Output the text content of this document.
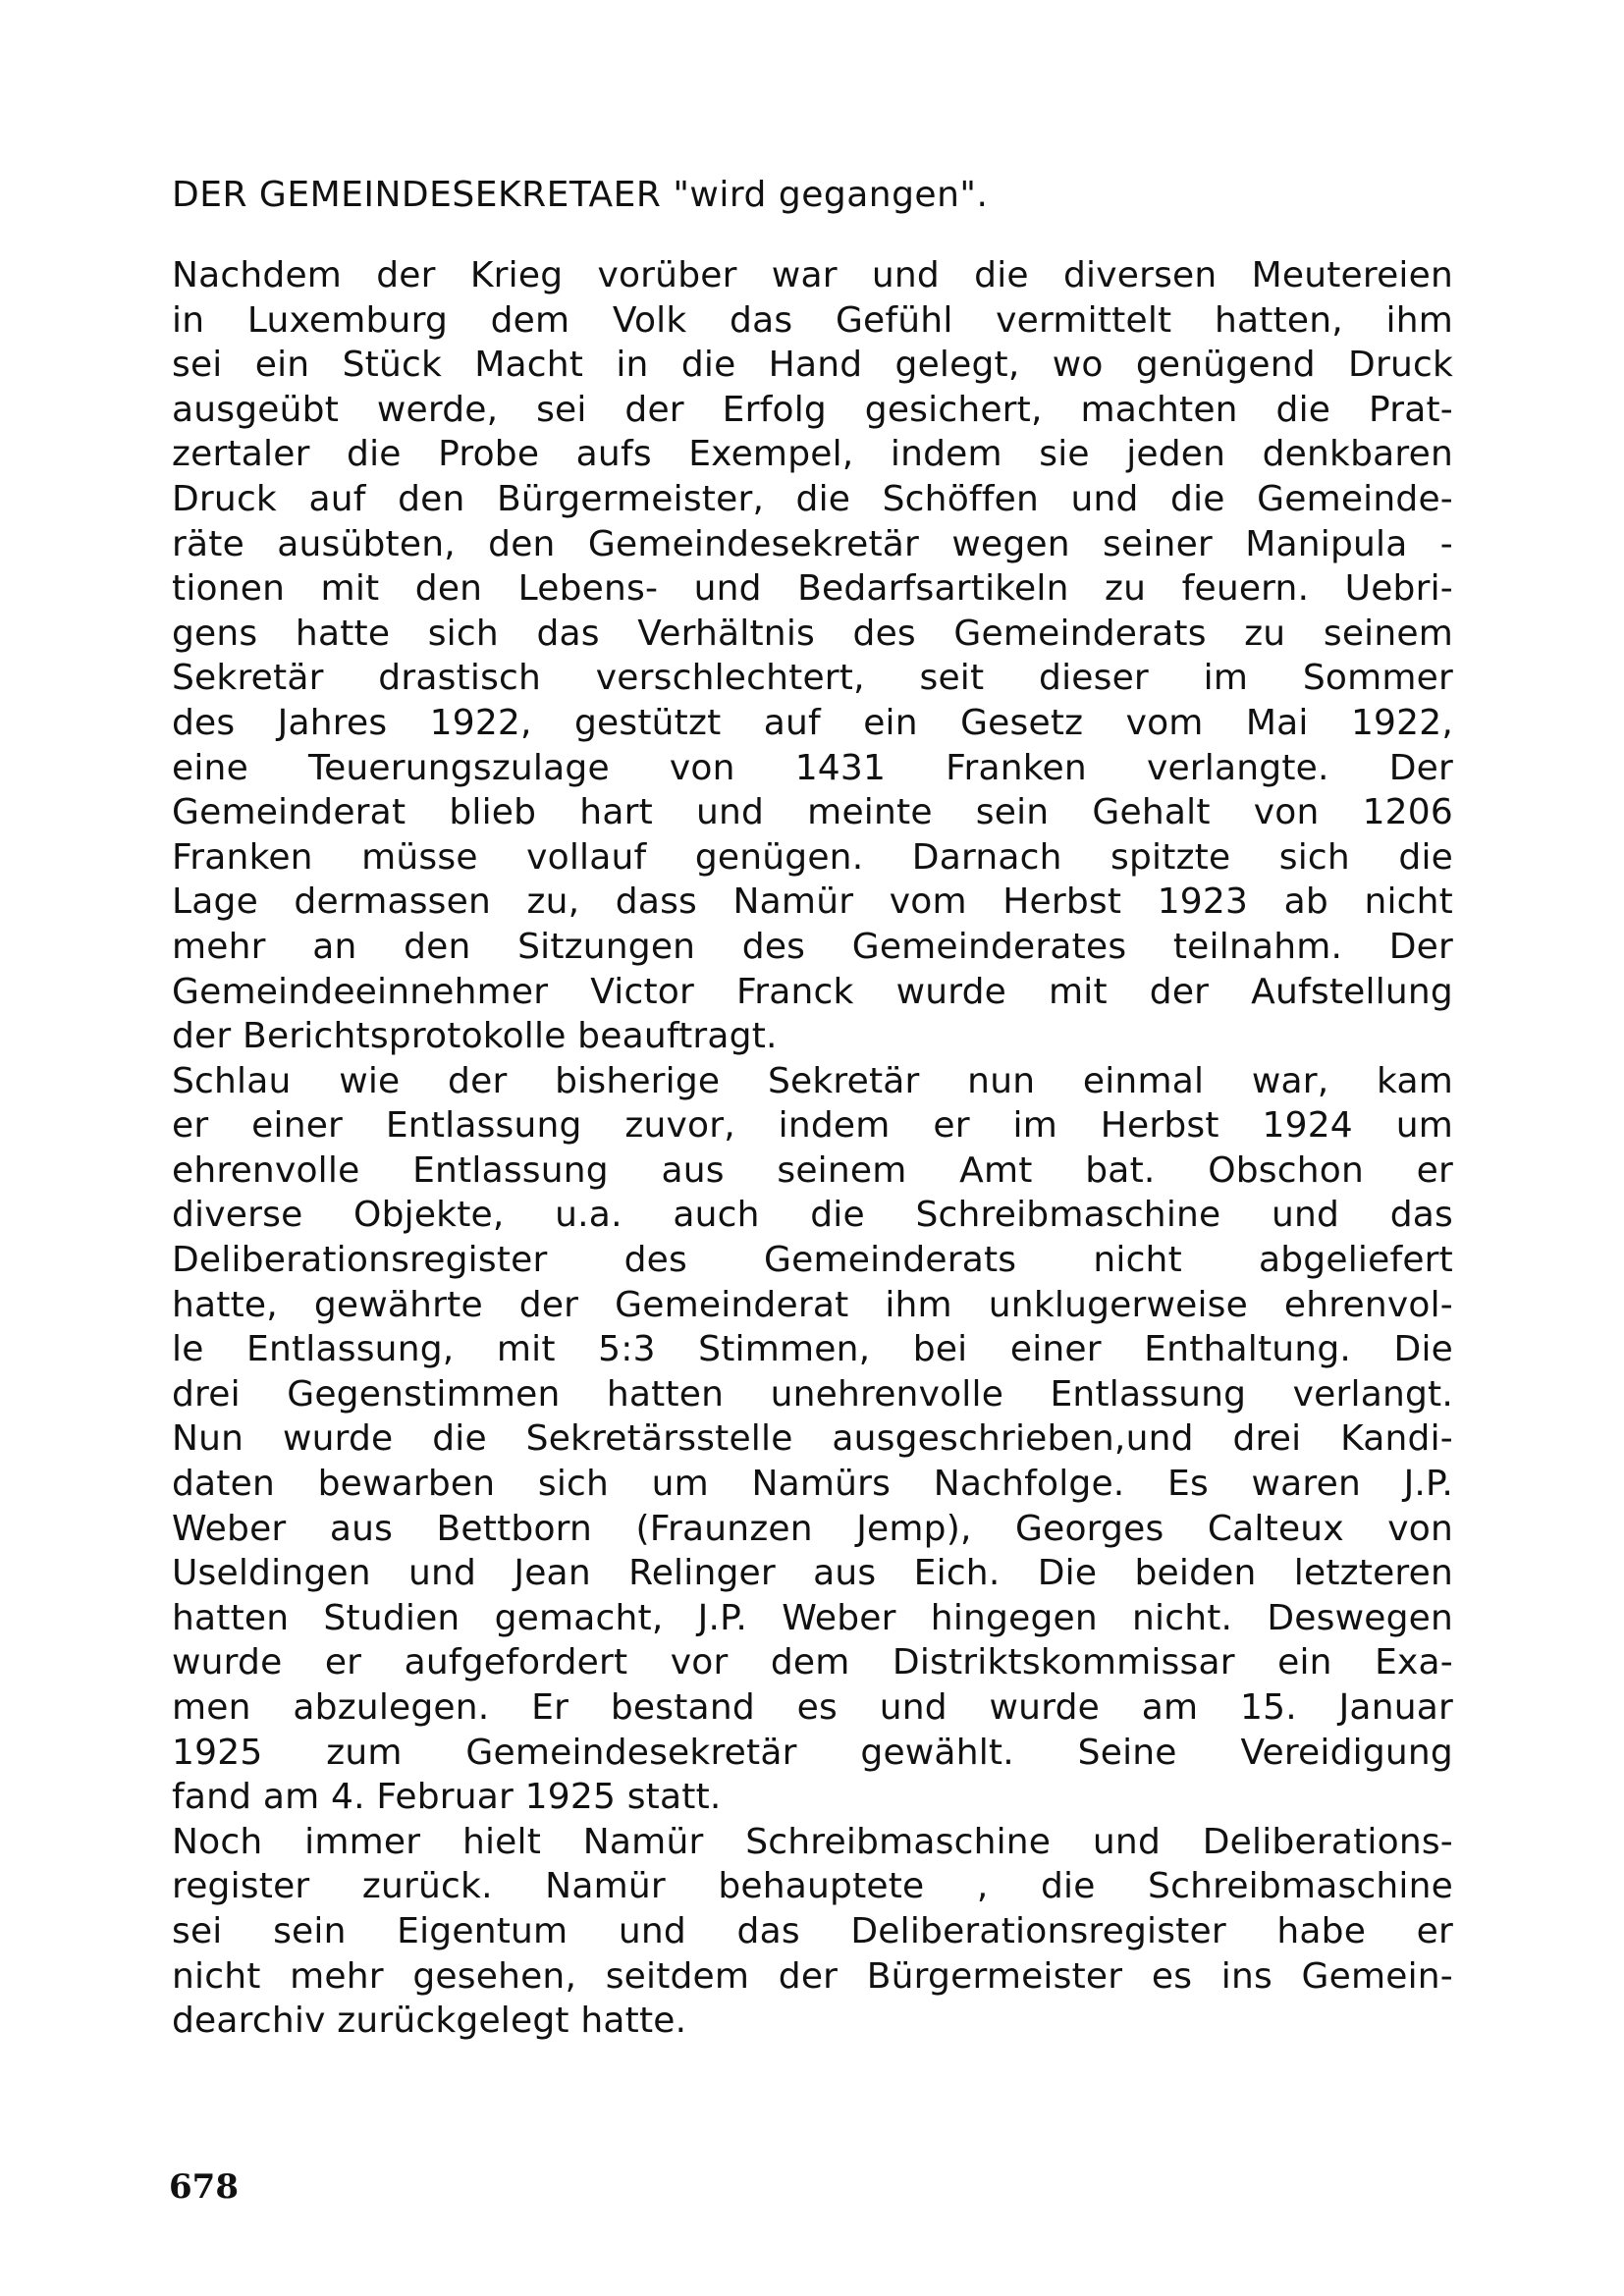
DER GEMEINDESEKRETAER "wird gegangen".
Nachdem der Krieg vorüber war und die diversen Meutereien
in Luxemburg dem Volk das Gefühl vermittelt hatten, ihm
sei ein Stück Macht in die Hand gelegt, wo genügend Druck
ausgeübt werde, sei der Erfolg gesichert, machten die Prat-
zertaler die Probe aufs Exempel, indem sie jeden denkbaren
Druck auf den Bürgermeister, die Schöffen und die Gemeinde-
räte ausübten, den Gemeindesekretär wegen seiner Manipula -
tionen mit den Lebens- und Bedarfsartikeln zu feuern. Uebri-
gens hatte sich das Verhältnis des Gemeinderats zu seinem
Sekretär drastisch verschlechtert, seit dieser im Sommer
des Jahres 1922, gestützt auf ein Gesetz vom Mai 1922,
eine Teuerungszulage von 1431 Franken verlangte. Der
Gemeinderat blieb hart und meinte sein Gehalt von 1206
Franken müsse vollauf genügen. Darnach spitzte sich die
Lage dermassen zu, dass Namür vom Herbst 1923 ab nicht
mehr an den Sitzungen des Gemeinderates teilnahm. Der
Gemeindeeinnehmer Victor Franck wurde mit der Aufstellung
der Berichtsprotokolle beauftragt.
Schlau wie der bisherige Sekretär nun einmal war, kam
er einer Entlassung zuvor, indem er im Herbst 1924 um
ehrenvolle Entlassung aus seinem Amt bat. Obschon er
diverse Objekte, u.a. auch die Schreibmaschine und das
Deliberationsregister des Gemeinderats nicht abgeliefert
hatte, gewährte der Gemeinderat ihm unklugerweise ehrenvol-
le Entlassung, mit 5:3 Stimmen, bei einer Enthaltung. Die
drei Gegenstimmen hatten unehrenvolle Entlassung verlangt.
Nun wurde die Sekretärsstelle ausgeschrieben,und drei Kandi-
daten bewarben sich um Namürs Nachfolge. Es waren J.P.
Weber aus Bettborn (Fraunzen Jemp), Georges Calteux von
Useldingen und Jean Relinger aus Eich. Die beiden letzteren
hatten Studien gemacht, J.P. Weber hingegen nicht. Deswegen
wurde er aufgefordert vor dem Distriktskommissar ein Exa-
men abzulegen. Er bestand es und wurde am 15. Januar
1925 zum Gemeindesekretär gewählt. Seine Vereidigung
fand am 4. Februar 1925 statt.
Noch immer hielt Namür Schreibmaschine und Deliberations-
register zurück. Namür behauptete , die Schreibmaschine
sei sein Eigentum und das Deliberationsregister habe er
nicht mehr gesehen, seitdem der Bürgermeister es ins Gemein-
dearchiv zurückgelegt hatte.
678
